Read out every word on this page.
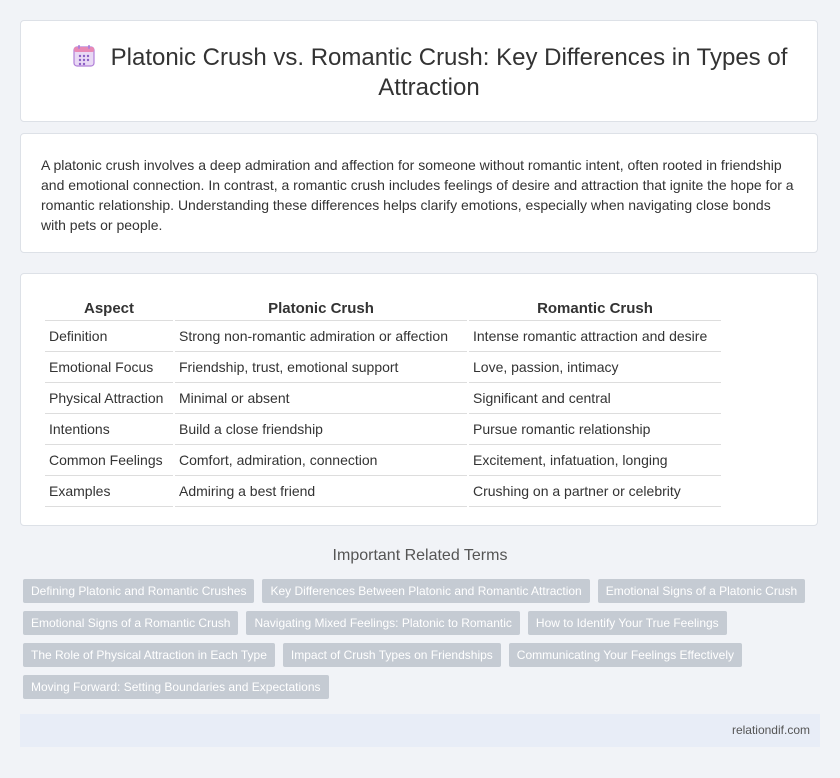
Platonic Crush vs. Romantic Crush: Key Differences in Types of Attraction
A platonic crush involves a deep admiration and affection for someone without romantic intent, often rooted in friendship and emotional connection. In contrast, a romantic crush includes feelings of desire and attraction that ignite the hope for a romantic relationship. Understanding these differences helps clarify emotions, especially when navigating close bonds with pets or people.
Aspect	Platonic Crush	Romantic Crush
Definition	Strong non-romantic admiration or affection	Intense romantic attraction and desire
Emotional Focus	Friendship, trust, emotional support	Love, passion, intimacy
Physical Attraction	Minimal or absent	Significant and central
Intentions	Build a close friendship	Pursue romantic relationship
Common Feelings	Comfort, admiration, connection	Excitement, infatuation, longing
Examples	Admiring a best friend	Crushing on a partner or celebrity
Important Related Terms
Defining Platonic and Romantic Crushes	Key Differences Between Platonic and Romantic Attraction	Emotional Signs of a Platonic Crush
Emotional Signs of a Romantic Crush	Navigating Mixed Feelings: Platonic to Romantic	How to Identify Your True Feelings
The Role of Physical Attraction in Each Type	Impact of Crush Types on Friendships	Communicating Your Feelings Effectively
Moving Forward: Setting Boundaries and Expectations
relationdif.com
